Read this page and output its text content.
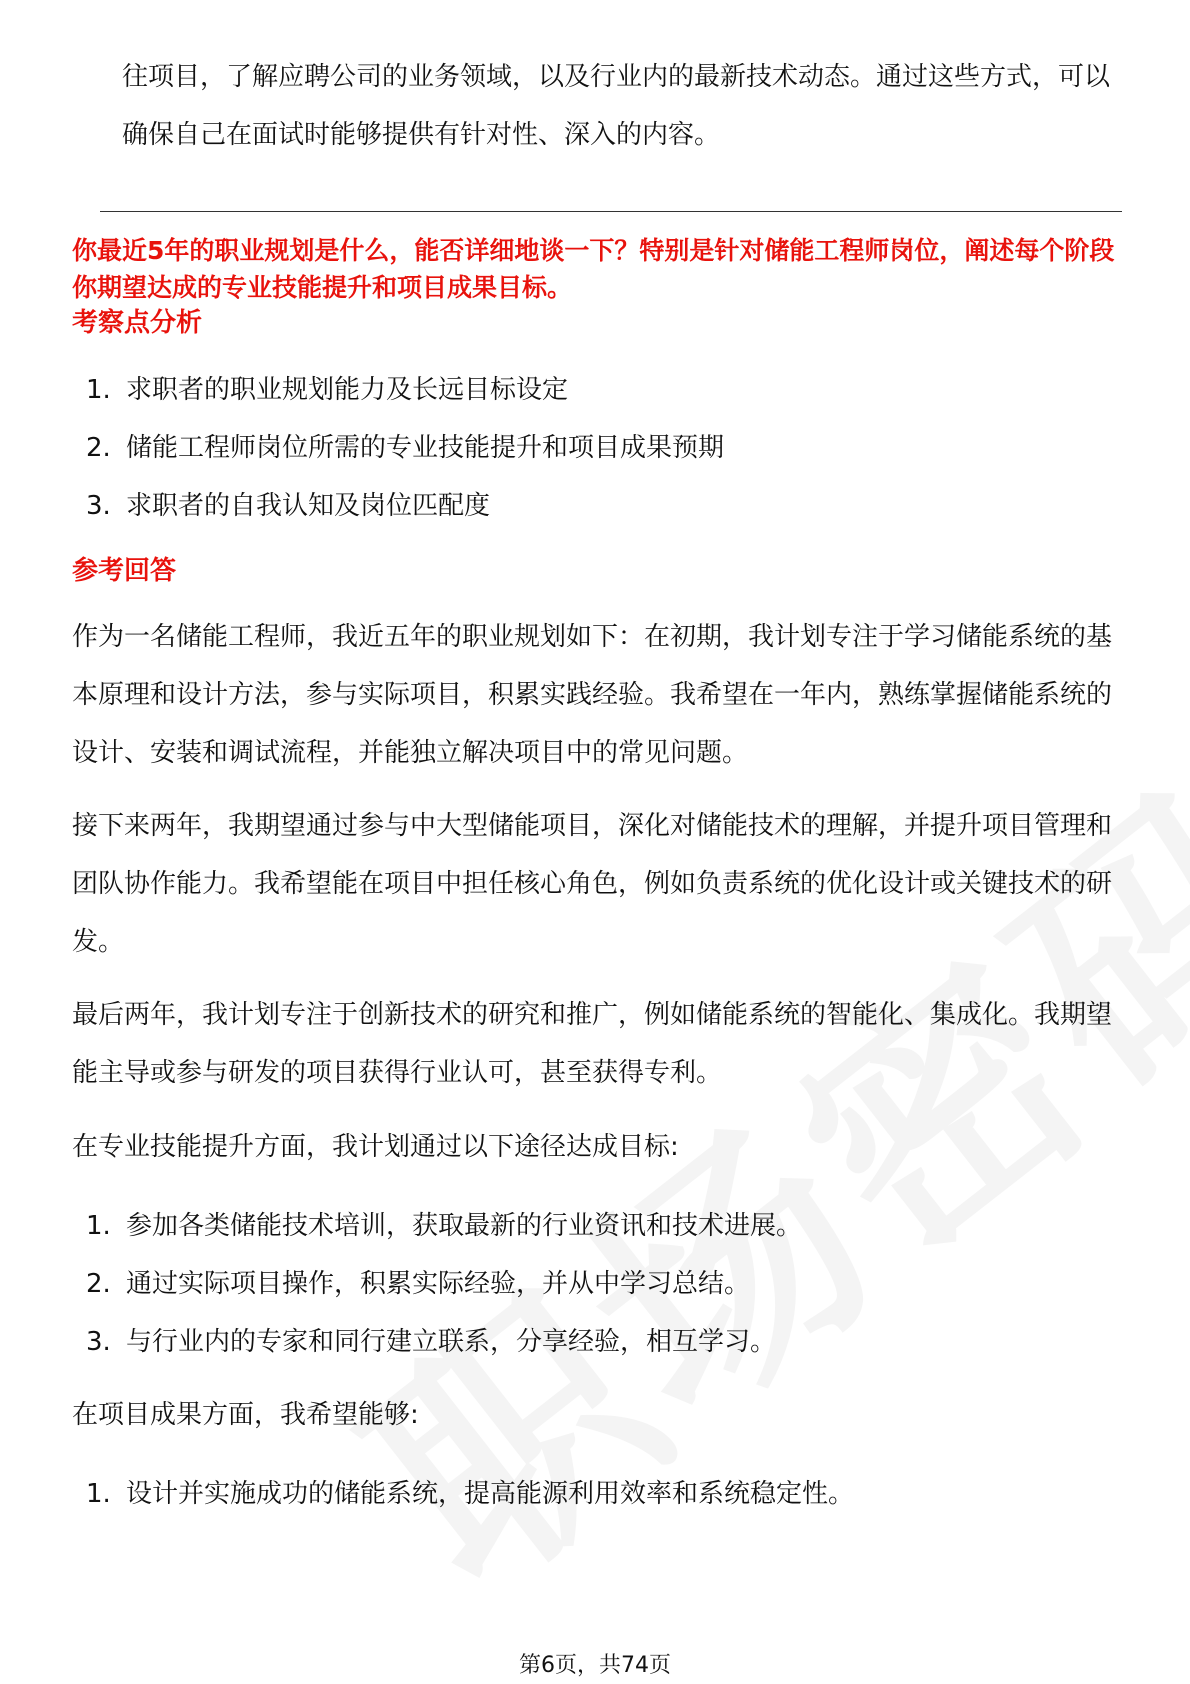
往项目，了解应聘公司的业务领域，以及行业内的最新技术动态。通过这些方式，可以确保自己在面试时能够提供有针对性、深入的内容。
你最近5年的职业规划是什么，能否详细地谈一下？特别是针对储能工程师岗位，阐述每个阶段你期望达成的专业技能提升和项目成果目标。
考察点分析
1. 求职者的职业规划能力及长远目标设定
2. 储能工程师岗位所需的专业技能提升和项目成果预期
3. 求职者的自我认知及岗位匹配度
参考回答
作为一名储能工程师，我近五年的职业规划如下：在初期，我计划专注于学习储能系统的基本原理和设计方法，参与实际项目，积累实践经验。我希望在一年内，熟练掌握储能系统的设计、安装和调试流程，并能独立解决项目中的常见问题。
接下来两年，我期望通过参与中大型储能项目，深化对储能技术的理解，并提升项目管理和团队协作能力。我希望能在项目中担任核心角色，例如负责系统的优化设计或关键技术的研发。
最后两年，我计划专注于创新技术的研究和推广，例如储能系统的智能化、集成化。我期望能主导或参与研发的项目获得行业认可，甚至获得专利。
在专业技能提升方面，我计划通过以下途径达成目标:
1. 参加各类储能技术培训，获取最新的行业资讯和技术进展。
2. 通过实际项目操作，积累实际经验，并从中学习总结。
3. 与行业内的专家和同行建立联系，分享经验，相互学习。
在项目成果方面，我希望能够:
1. 设计并实施成功的储能系统，提高能源利用效率和系统稳定性。
第6页，共74页
